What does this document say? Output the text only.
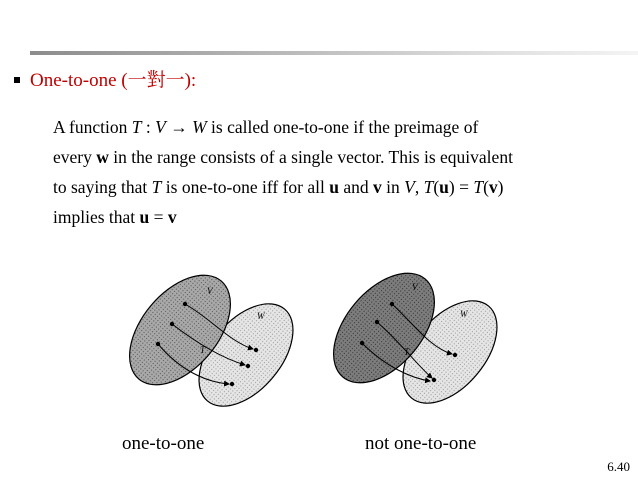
One-to-one (一對一):
A function T : V → W is called one-to-one if the preimage of
every w in the range consists of a single vector. This is equivalent
to saying that T is one-to-one iff for all u and v in V, T(u) = T(v)
implies that u = v
V
W
T
V
W
T
one-to-one	not one-to-one
6.40
